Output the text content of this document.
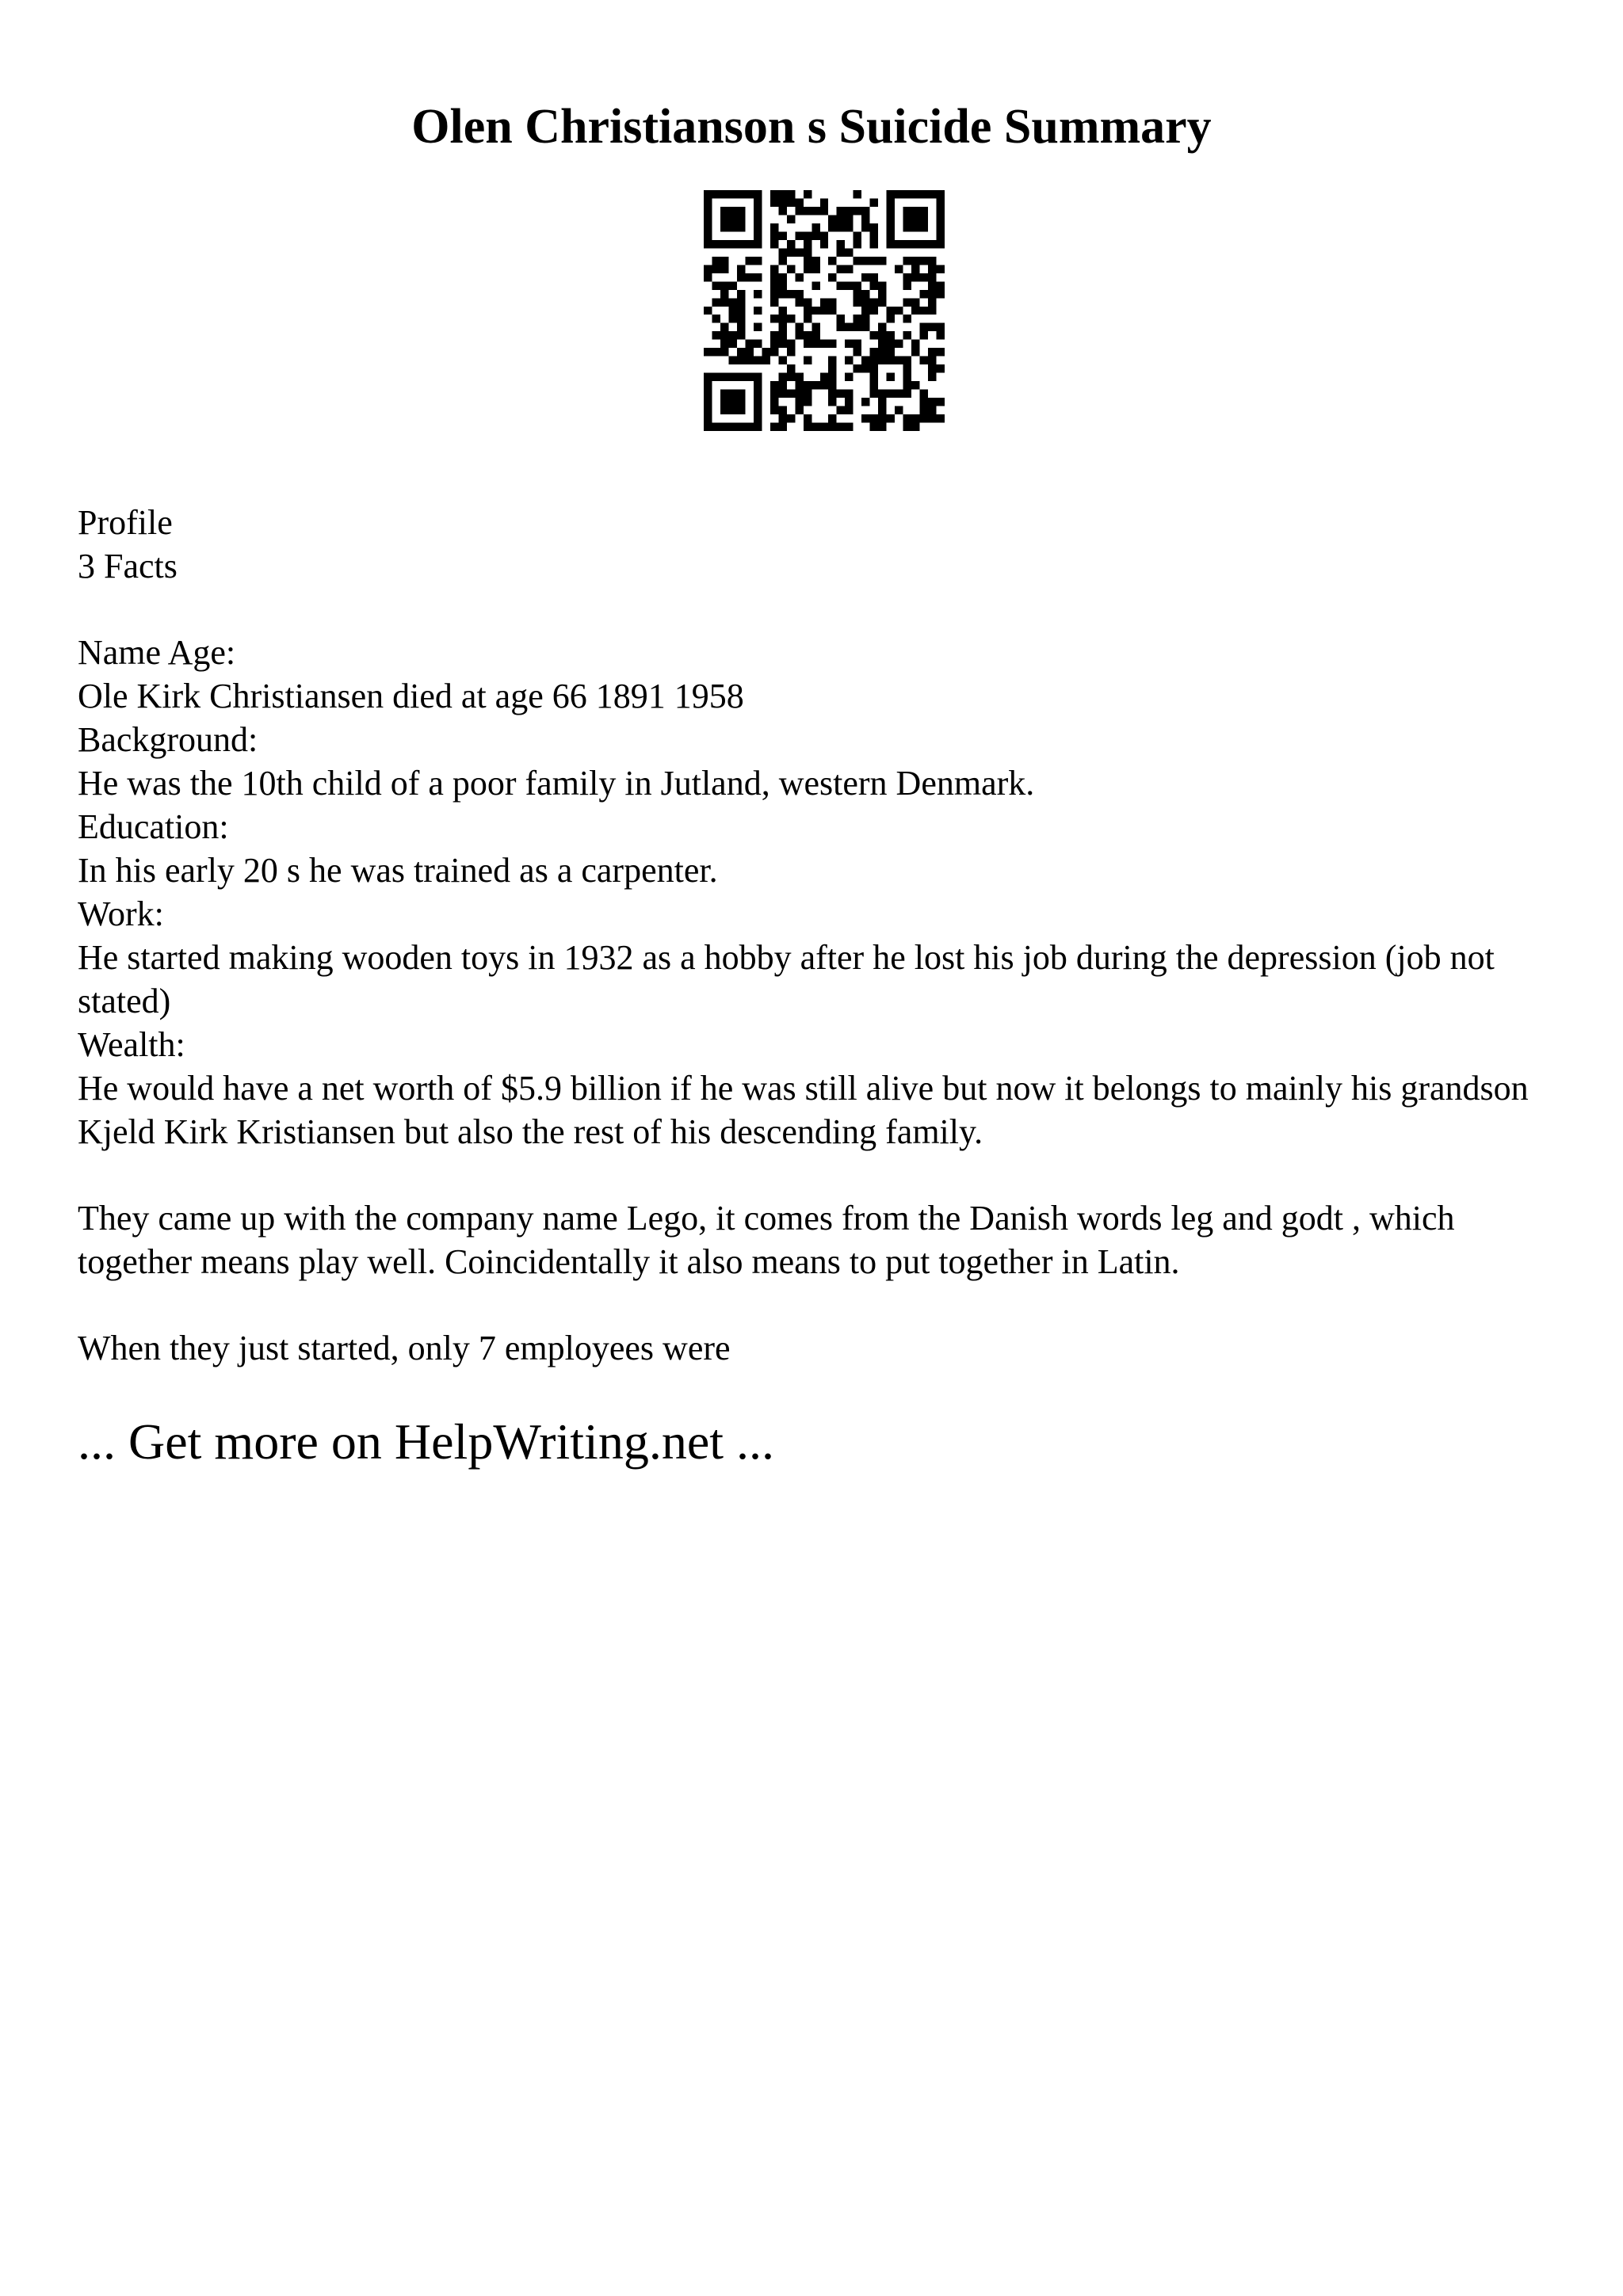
Olen Christianson s Suicide Summary

Profile

3 Facts

Name Age:

Ole Kirk Christiansen died at age 66 1891 1958

Background:

He was the 10th child of a poor family in Jutland, western Denmark.

Education:

In his early 20 s he was trained as a carpenter.

Work:

He started making wooden toys in 1932 as a hobby after he lost his job during the depression (job not stated)

Wealth:

He would have a net worth of $5.9 billion if he was still alive but now it belongs to mainly his grandson Kjeld Kirk Kristiansen but also the rest of his descending family.

They came up with the company name Lego, it comes from the Danish words leg and godt , which together means play well. Coincidentally it also means to put together in Latin.

When they just started, only 7 employees were

... Get more on HelpWriting.net ...
